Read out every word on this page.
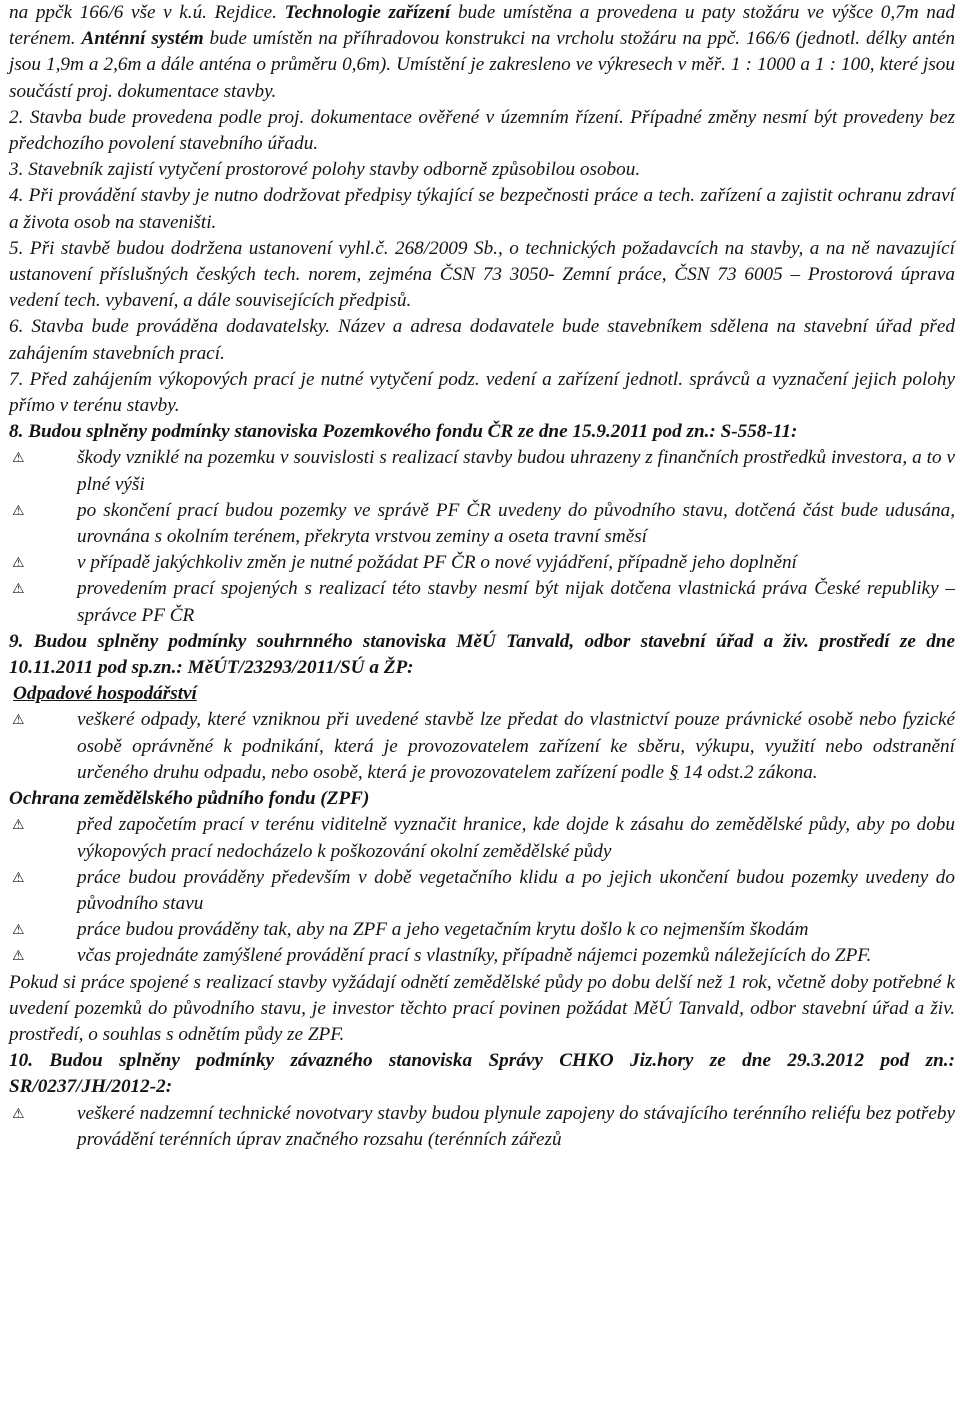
na ppčk 166/6 vše v k.ú. Rejdice. Technologie zařízení bude umístěna a provedena u paty stožáru ve výšce 0,7m nad terénem. Anténní systém bude umístěn na příhradovou konstrukci na vrcholu stožáru na ppč. 166/6 (jednotl. délky antén jsou 1,9m a 2,6m a dále anténa o průměru 0,6m). Umístění je zakresleno ve výkresech v měř. 1 : 1000 a 1 : 100, které jsou součástí proj. dokumentace stavby.

2. Stavba bude provedena podle proj. dokumentace ověřené v územním řízení. Případné změny nesmí být provedeny bez předchozího povolení stavebního úřadu.

3. Stavebník zajistí vytyčení prostorové polohy stavby odborně způsobilou osobou.

4. Při provádění stavby je nutno dodržovat předpisy týkající se bezpečnosti práce a tech. zařízení a zajistit ochranu zdraví a života osob na staveništi.

5. Při stavbě budou dodržena ustanovení vyhl.č. 268/2009 Sb., o technických požadavcích na stavby, a na ně navazující ustanovení příslušných českých tech. norem, zejména ČSN 73 3050- Zemní práce, ČSN 73 6005 – Prostorová úprava vedení tech. vybavení, a dále souvisejících předpisů.

6. Stavba bude prováděna dodavatelsky. Název a adresa dodavatele bude stavebníkem sdělena na stavební úřad před zahájením stavebních prací.

7. Před zahájením výkopových prací je nutné vytyčení podz. vedení a zařízení jednotl. správců a vyznačení jejich polohy přímo v terénu stavby.

8. Budou splněny podmínky stanoviska Pozemkového fondu ČR ze dne 15.9.2011 pod zn.: S-558-11:

⚠	škody vzniklé na pozemku v souvislosti s realizací stavby budou uhrazeny z finančních prostředků investora, a to v plné výši
⚠	po skončení prací budou pozemky ve správě PF ČR uvedeny do původního stavu, dotčená část bude udusána, urovnána s okolním terénem, překryta vrstvou zeminy a oseta travní směsí
⚠	v případě jakýchkoliv změn je nutné požádat PF ČR o nové vyjádření, případně jeho doplnění
⚠	provedením prací spojených s realizací této stavby nesmí být nijak dotčena vlastnická práva České republiky – správce PF ČR

9. Budou splněny podmínky souhrnného stanoviska MěÚ Tanvald, odbor stavební úřad a živ. prostředí ze dne 10.11.2011 pod sp.zn.: MěÚT/23293/2011/SÚ a ŽP:

Odpadové hospodářství

⚠	veškeré odpady, které vzniknou při uvedené stavbě lze předat do vlastnictví pouze právnické osobě nebo fyzické osobě oprávněné k podnikání, která je provozovatelem zařízení ke sběru, výkupu, využití nebo odstranění určeného druhu odpadu, nebo osobě, která je provozovatelem zařízení podle § 14 odst.2 zákona.

Ochrana zemědělského půdního fondu (ZPF)

⚠	před započetím prací v terénu viditelně vyznačit hranice, kde dojde k zásahu do zemědělské půdy, aby po dobu výkopových prací nedocházelo k poškozování okolní zemědělské půdy
⚠	práce budou prováděny především v době vegetačního klidu a po jejich ukončení budou pozemky uvedeny do původního stavu
⚠	práce budou prováděny tak, aby na ZPF a jeho vegetačním krytu došlo k co nejmenším škodám
⚠	včas projednáte zamýšlené provádění prací s vlastníky, případně nájemci pozemků náležejících do ZPF.

Pokud si práce spojené s realizací stavby vyžádají odnětí zemědělské půdy po dobu delší než 1 rok, včetně doby potřebné k uvedení pozemků do původního stavu, je investor těchto prací povinen požádat MěÚ Tanvald, odbor stavební úřad a živ. prostředí, o souhlas s odnětím půdy ze ZPF.

10. Budou splněny podmínky závazného stanoviska Správy CHKO Jiz.hory ze dne 29.3.2012 pod zn.: SR/0237/JH/2012-2:

⚠	veškeré nadzemní technické novotvary stavby budou plynule zapojeny do stávajícího terénního reliéfu bez potřeby provádění terénních úprav značného rozsahu (terénních zářezů
